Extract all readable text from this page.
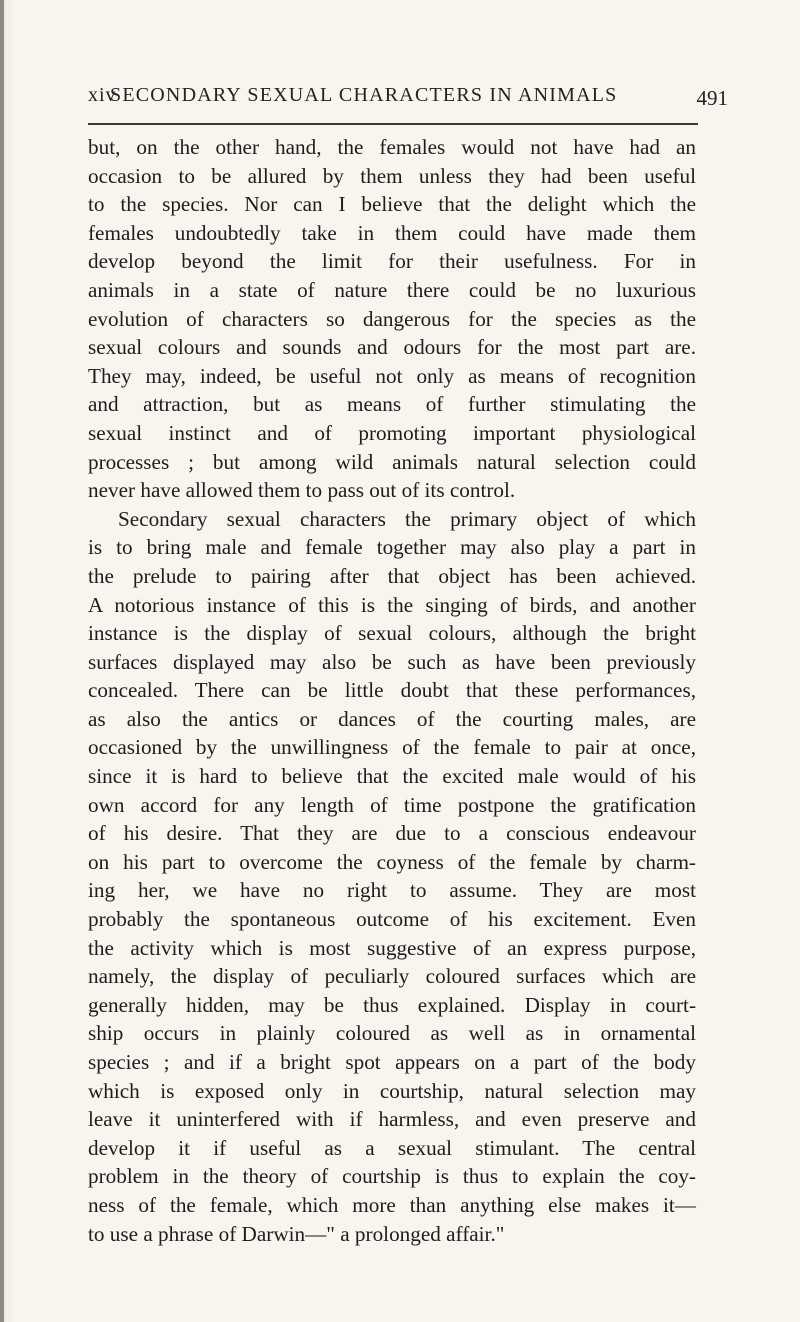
xiv
SECONDARY SEXUAL CHARACTERS IN ANIMALS	491
but, on the other hand, the females would not have had an
occasion to be allured by them unless they had been useful
to the species. Nor can I believe that the delight which the
females undoubtedly take in them could have made them
develop beyond the limit for their usefulness. For in
animals in a state of nature there could be no luxurious
evolution of characters so dangerous for the species as the
sexual colours and sounds and odours for the most part are.
They may, indeed, be useful not only as means of recognition
and attraction, but as means of further stimulating the
sexual instinct and of promoting important physiological
processes ; but among wild animals natural selection could
never have allowed them to pass out of its control.
Secondary sexual characters the primary object of which
is to bring male and female together may also play a part in
the prelude to pairing after that object has been achieved.
A notorious instance of this is the singing of birds, and another
instance is the display of sexual colours, although the bright
surfaces displayed may also be such as have been previously
concealed. There can be little doubt that these performances,
as also the antics or dances of the courting males, are
occasioned by the unwillingness of the female to pair at once,
since it is hard to believe that the excited male would of his
own accord for any length of time postpone the gratification
of his desire. That they are due to a conscious endeavour
on his part to overcome the coyness of the female by charm-
ing her, we have no right to assume. They are most
probably the spontaneous outcome of his excitement. Even
the activity which is most suggestive of an express purpose,
namely, the display of peculiarly coloured surfaces which are
generally hidden, may be thus explained. Display in court-
ship occurs in plainly coloured as well as in ornamental
species ; and if a bright spot appears on a part of the body
which is exposed only in courtship, natural selection may
leave it uninterfered with if harmless, and even preserve and
develop it if useful as a sexual stimulant. The central
problem in the theory of courtship is thus to explain the coy-
ness of the female, which more than anything else makes it—
to use a phrase of Darwin—" a prolonged affair."
